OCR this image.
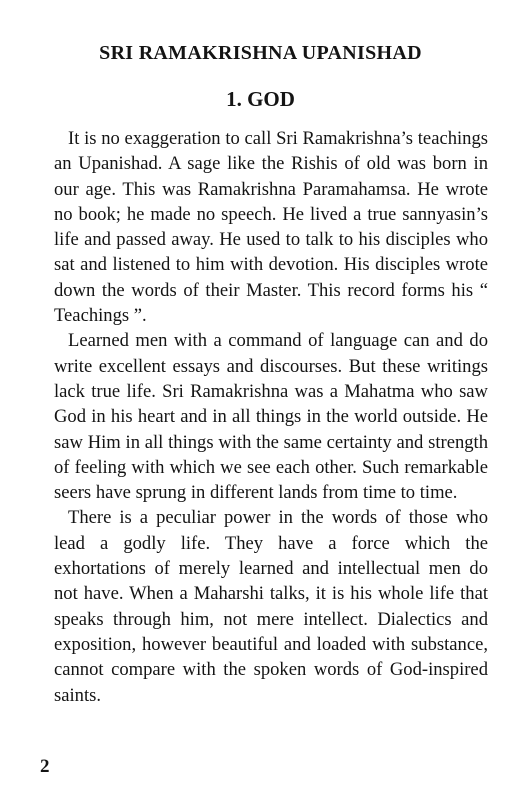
SRI RAMAKRISHNA UPANISHAD
1. GOD

It is no exaggeration to call Sri Ramakrishna’s teachings an Upanishad. A sage like the Rishis of old was born in our age. This was Ramakrishna Paramahamsa. He wrote no book; he made no speech. He lived a true sannyasin’s life and passed away. He used to talk to his disciples who sat and listened to him with devotion. His disciples wrote down the words of their Master. This record forms his “ Teachings ”.

Learned men with a command of language can and do write excellent essays and discourses. But these writings lack true life. Sri Ramakrishna was a Mahatma who saw God in his heart and in all things in the world outside. He saw Him in all things with the same certainty and strength of feeling with which we see each other. Such remarkable seers have sprung in different lands from time to time.

There is a peculiar power in the words of those who lead a godly life. They have a force which the exhortations of merely learned and intellectual men do not have. When a Maharshi talks, it is his whole life that speaks through him, not mere intellect. Dialectics and exposition, however beautiful and loaded with substance, cannot compare with the spoken words of God-inspired saints.

2
